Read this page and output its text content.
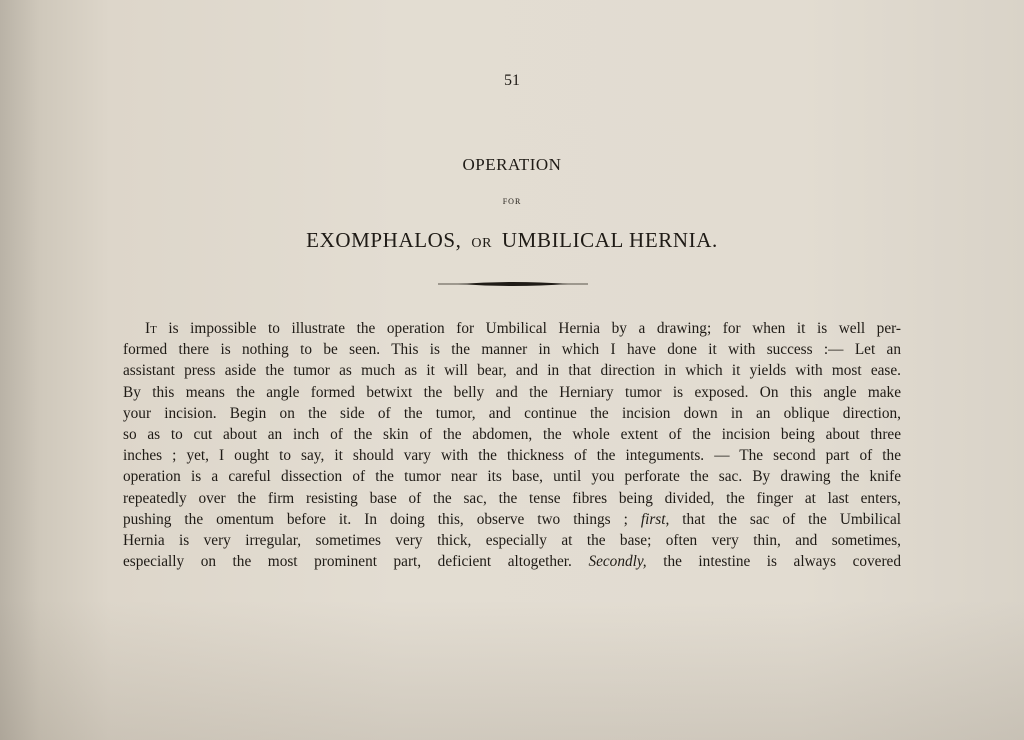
51
OPERATION
FOR
EXOMPHALOS, OR UMBILICAL HERNIA.
It is impossible to illustrate the operation for Umbilical Hernia by a drawing; for when it is well per-
formed there is nothing to be seen. This is the manner in which I have done it with success :— Let an
assistant press aside the tumor as much as it will bear, and in that direction in which it yields with most ease.
By this means the angle formed betwixt the belly and the Herniary tumor is exposed. On this angle make
your incision. Begin on the side of the tumor, and continue the incision down in an oblique direction,
so as to cut about an inch of the skin of the abdomen, the whole extent of the incision being about three
inches ; yet, I ought to say, it should vary with the thickness of the integuments. — The second part of the
operation is a careful dissection of the tumor near its base, until you perforate the sac. By drawing the knife
repeatedly over the firm resisting base of the sac, the tense fibres being divided, the finger at last enters,
pushing the omentum before it. In doing this, observe two things ; first, that the sac of the Umbilical
Hernia is very irregular, sometimes very thick, especially at the base; often very thin, and sometimes,
especially on the most prominent part, deficient altogether. Secondly, the intestine is always covered
